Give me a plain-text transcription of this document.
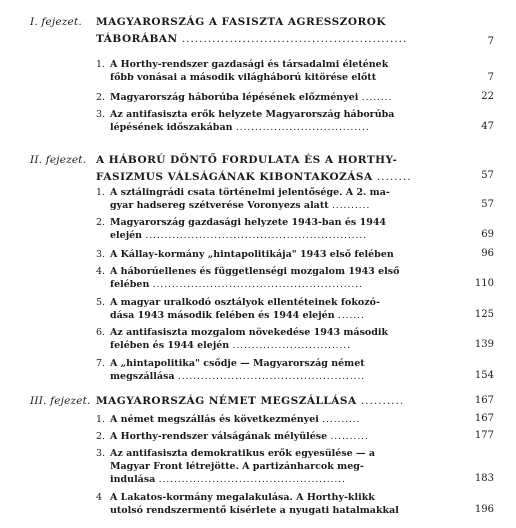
I. fejezet. MAGYARORSZÁG A FASISZTA AGRESSZOROK
TÁBORÁBAN ....................................................	7
1. A Horthy-rendszer gazdasági és társadalmi életének
főbb vonásai a második világháború kitörése előtt	7
2. Magyarország háborúba lépésének előzményei ........	22
3. Az antifasiszta erők helyzete Magyarország háborúba
lépésének időszakában ...................................	47
II. fejezet. A HÁBORÚ DÖNTŐ FORDULATA ÉS A HORTHY-
FASIZMUS VÁLSÁGÁNAK KIBONTAKOZÁSA ........	57
1. A sztálingrádi csata történelmi jelentősége. A 2. ma-
gyar hadsereg szétverése Voronyezs alatt ..........	57
2. Magyarország gazdasági helyzete 1943-ban és 1944
elején ..........................................................	69
3. A Kállay-kormány „hintapolitikája" 1943 első felében	96
4. A háborúellenes és függetlenségi mozgalom 1943 első
felében .......................................................	110
5. A magyar uralkodó osztályok ellentéteinek fokozó-
dása 1943 második felében és 1944 elején .......	125
6. Az antifasiszta mozgalom növekedése 1943 második
felében és 1944 elején ...............................	139
7. A „hintapolitika" csődje — Magyarország német
megszállása .................................................	154
III. fejezet. MAGYARORSZÁG NÉMET MEGSZÁLLÁSA ..........	167
1. A német megszállás és következményei ..........	167
2. A Horthy-rendszer válságának mélyülése ..........	177
3. Az antifasiszta demokratikus erők egyesülése — a
Magyar Front létrejötte. A partizánharcok meg-
indulása .................................................	183
4 A Lakatos-kormány megalakulása. A Horthy-klikk
utolsó rendszermentő kísérlete a nyugati hatalmakkal	196
